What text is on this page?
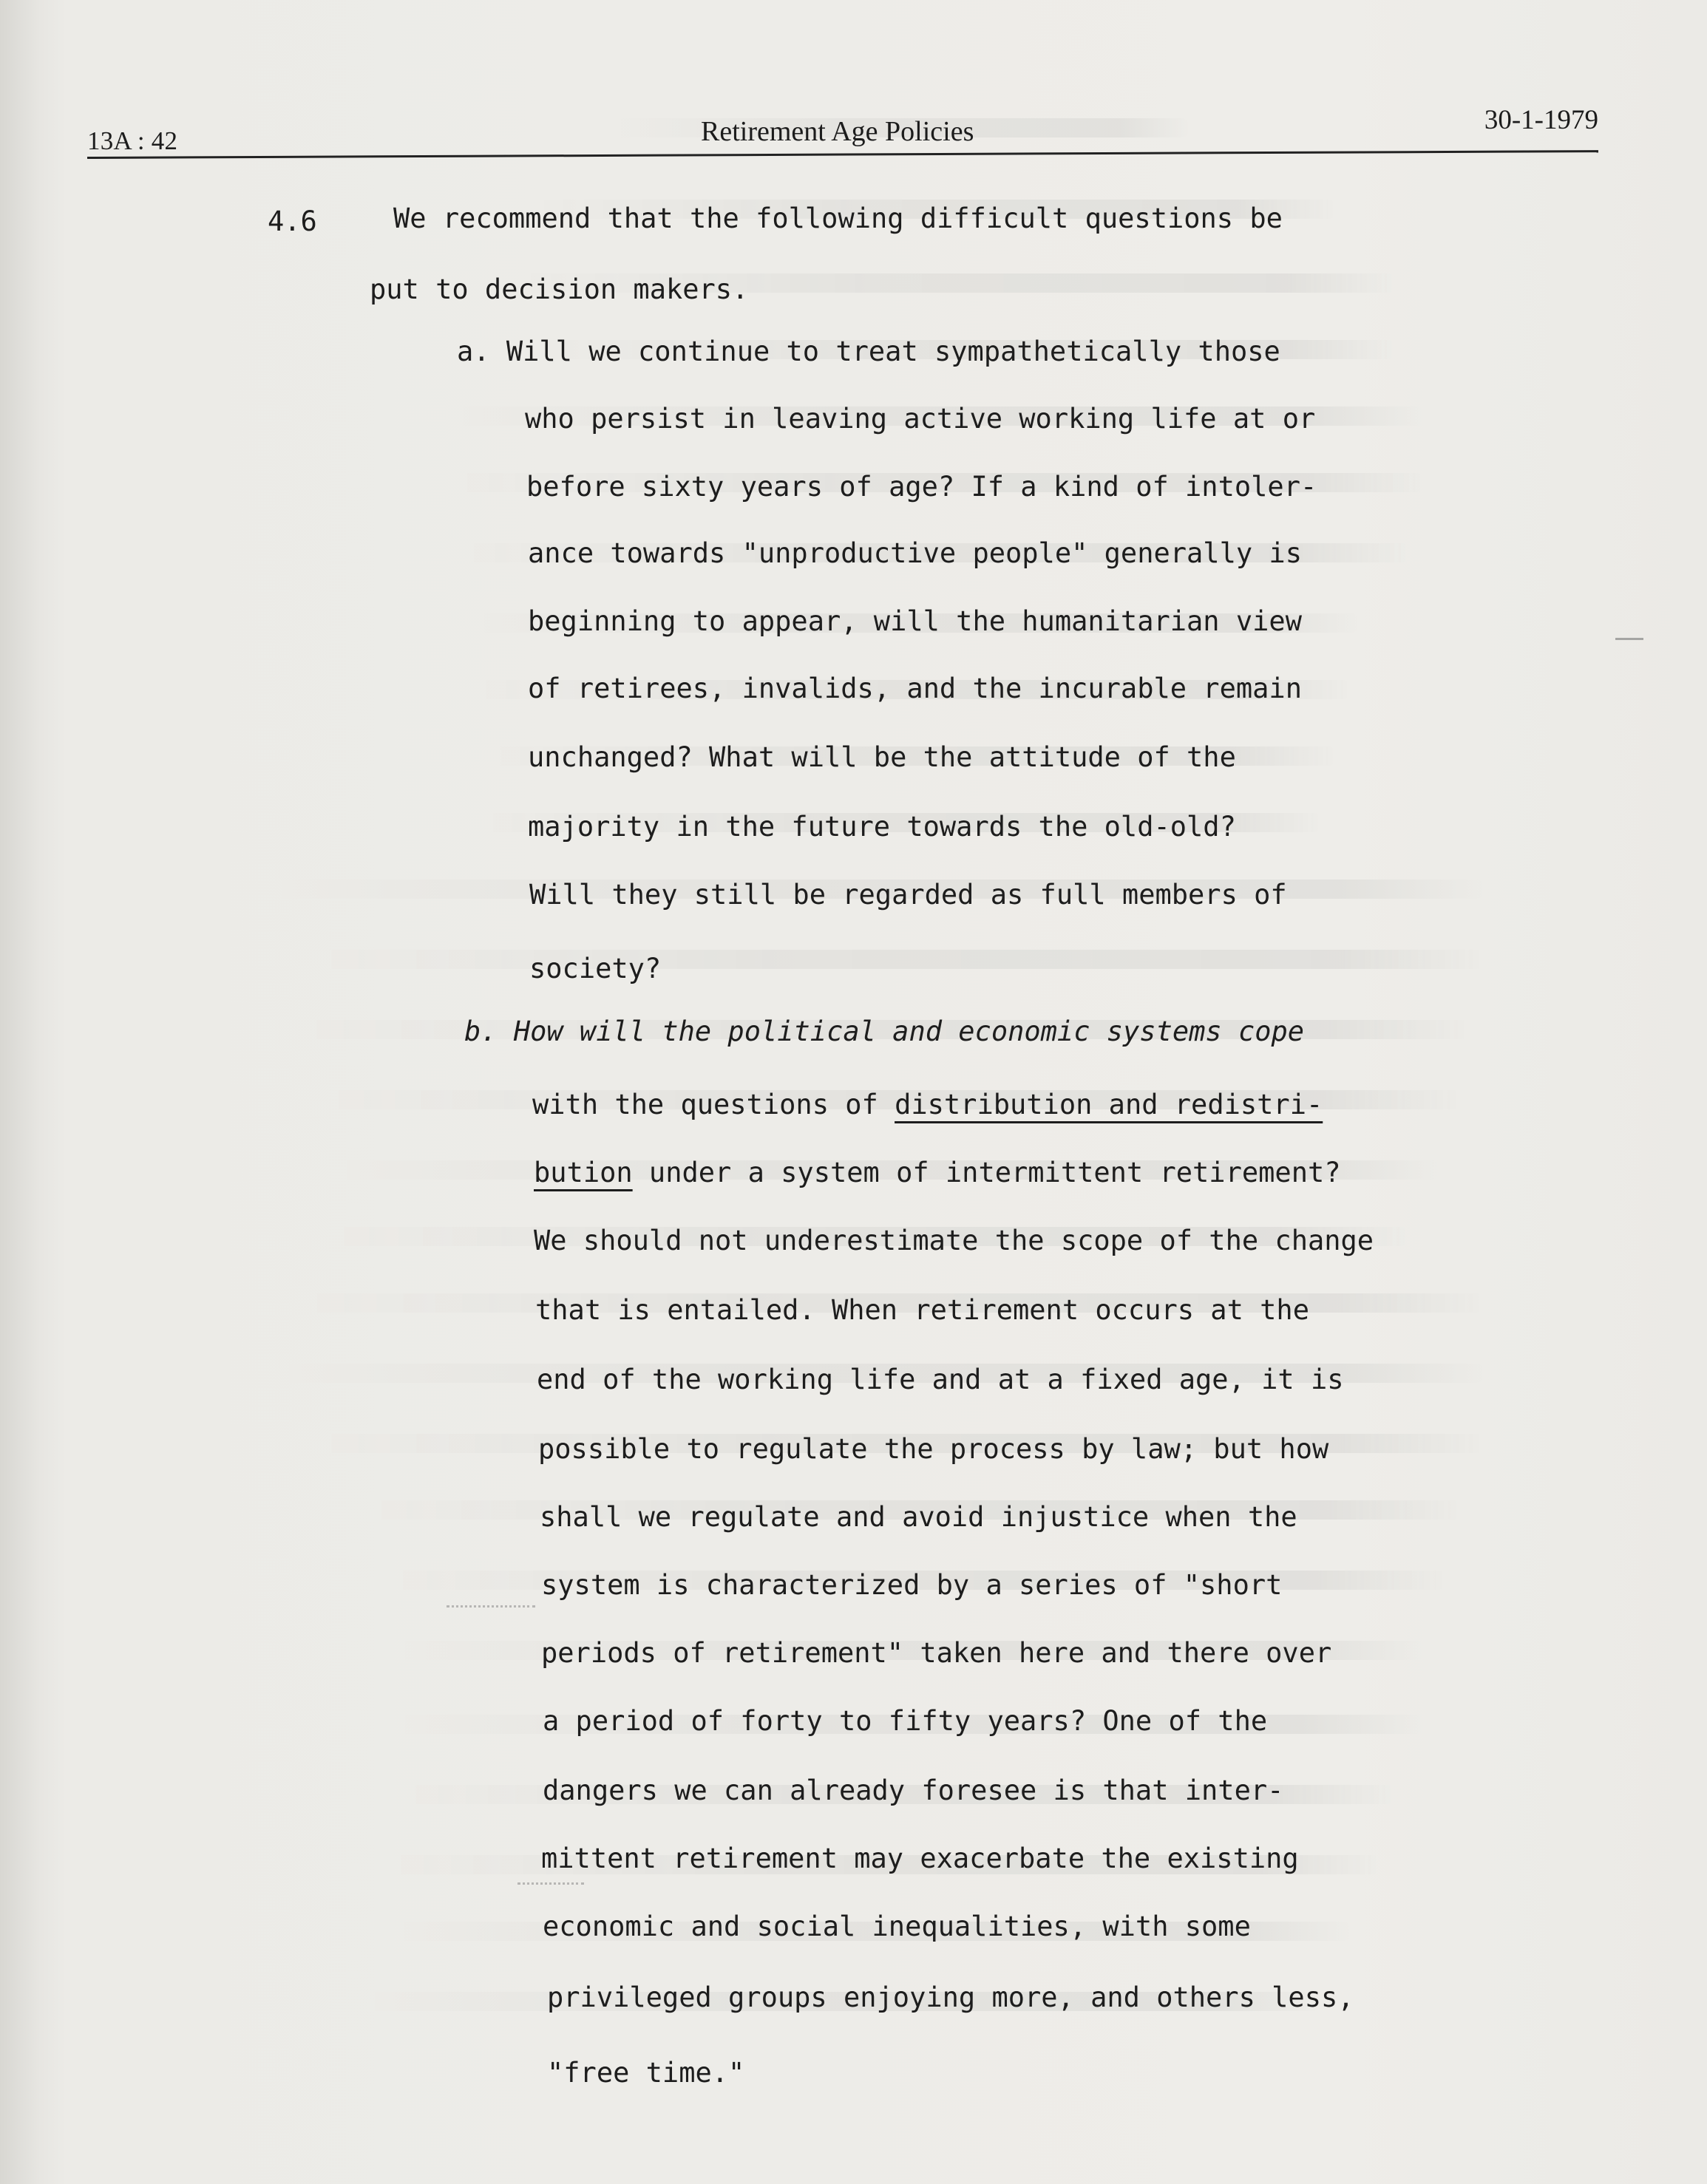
13A : 42	Retirement Age Policies	30-1-1979
4.6	We recommend that the following difficult questions be
put to decision makers.
a. Will we continue to treat sympathetically those
who persist in leaving active working life at or
before sixty years of age? If a kind of intoler-
ance towards "unproductive people" generally is
beginning to appear, will the humanitarian view
of retirees, invalids, and the incurable remain
unchanged? What will be the attitude of the
majority in the future towards the old-old?
Will they still be regarded as full members of
society?
b. How will the political and economic systems cope
with the questions of distribution and redistri-
bution under a system of intermittent retirement?
We should not underestimate the scope of the change
that is entailed. When retirement occurs at the
end of the working life and at a fixed age, it is
possible to regulate the process by law; but how
shall we regulate and avoid injustice when the
system is characterized by a series of "short
periods of retirement" taken here and there over
a period of forty to fifty years? One of the
dangers we can already foresee is that inter-
mittent retirement may exacerbate the existing
economic and social inequalities, with some
privileged groups enjoying more, and others less,
"free time."
